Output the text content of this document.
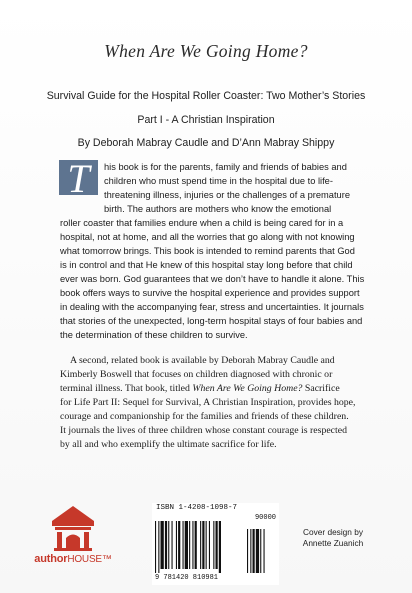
When Are We Going Home?
Survival Guide for the Hospital Roller Coaster: Two Mother’s Stories
Part I - A Christian Inspiration
By Deborah Mabray Caudle and D’Ann Mabray Shippy
T	his book is for the parents, family and friends of babies and
children who must spend time in the hospital due to life-
threatening illness, injuries or the challenges of a premature
birth. The authors are mothers who know the emotional
roller coaster that families endure when a child is being cared for in a
hospital, not at home, and all the worries that go along with not knowing
what tomorrow brings. This book is intended to remind parents that God
is in control and that He knew of this hospital stay long before that child
ever was born. God guarantees that we don’t have to handle it alone. This
book offers ways to survive the hospital experience and provides support
in dealing with the accompanying fear, stress and uncertainties. It journals
that stories of the unexpected, long-term hospital stays of four babies and
the determination of these children to survive.
A second, related book is available by Deborah Mabray Caudle and
Kimberly Boswell that focuses on children diagnosed with chronic or
terminal illness. That book, titled When Are We Going Home? Sacrifice
for Life Part II: Sequel for Survival, A Christian Inspiration, provides hope,
courage and companionship for the families and friends of these children.
It journals the lives of three children whose constant courage is respected
by all and who exemplify the ultimate sacrifice for life.
authorHOUSE™
ISBN 1-4208-1098-7
90000
9 781420 810981
Cover design by
Annette Zuanich
